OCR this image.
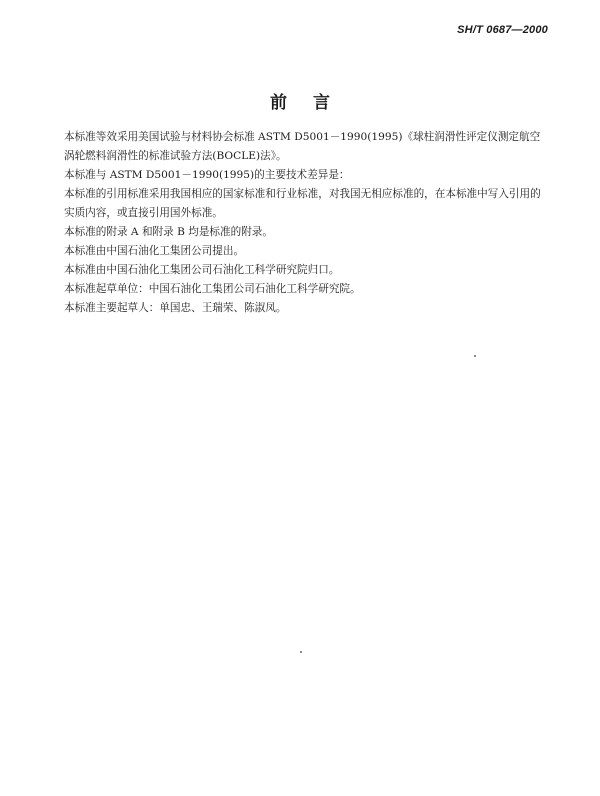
SH/T 0687—2000
前言

本标准等效采用美国试验与材料协会标准 ASTM D5001－1990(1995)《球柱润滑性评定仪测定航空涡轮燃料润滑性的标准试验方法(BOCLE)法》。

本标准与 ASTM D5001－1990(1995)的主要技术差异是：

本标准的引用标准采用我国相应的国家标准和行业标准，对我国无相应标准的，在本标准中写入引用的实质内容，或直接引用国外标准。

本标准的附录 A 和附录 B 均是标准的附录。

本标准由中国石油化工集团公司提出。

本标准由中国石油化工集团公司石油化工科学研究院归口。

本标准起草单位：中国石油化工集团公司石油化工科学研究院。

本标准主要起草人：单国忠、王瑞荣、陈淑凤。
